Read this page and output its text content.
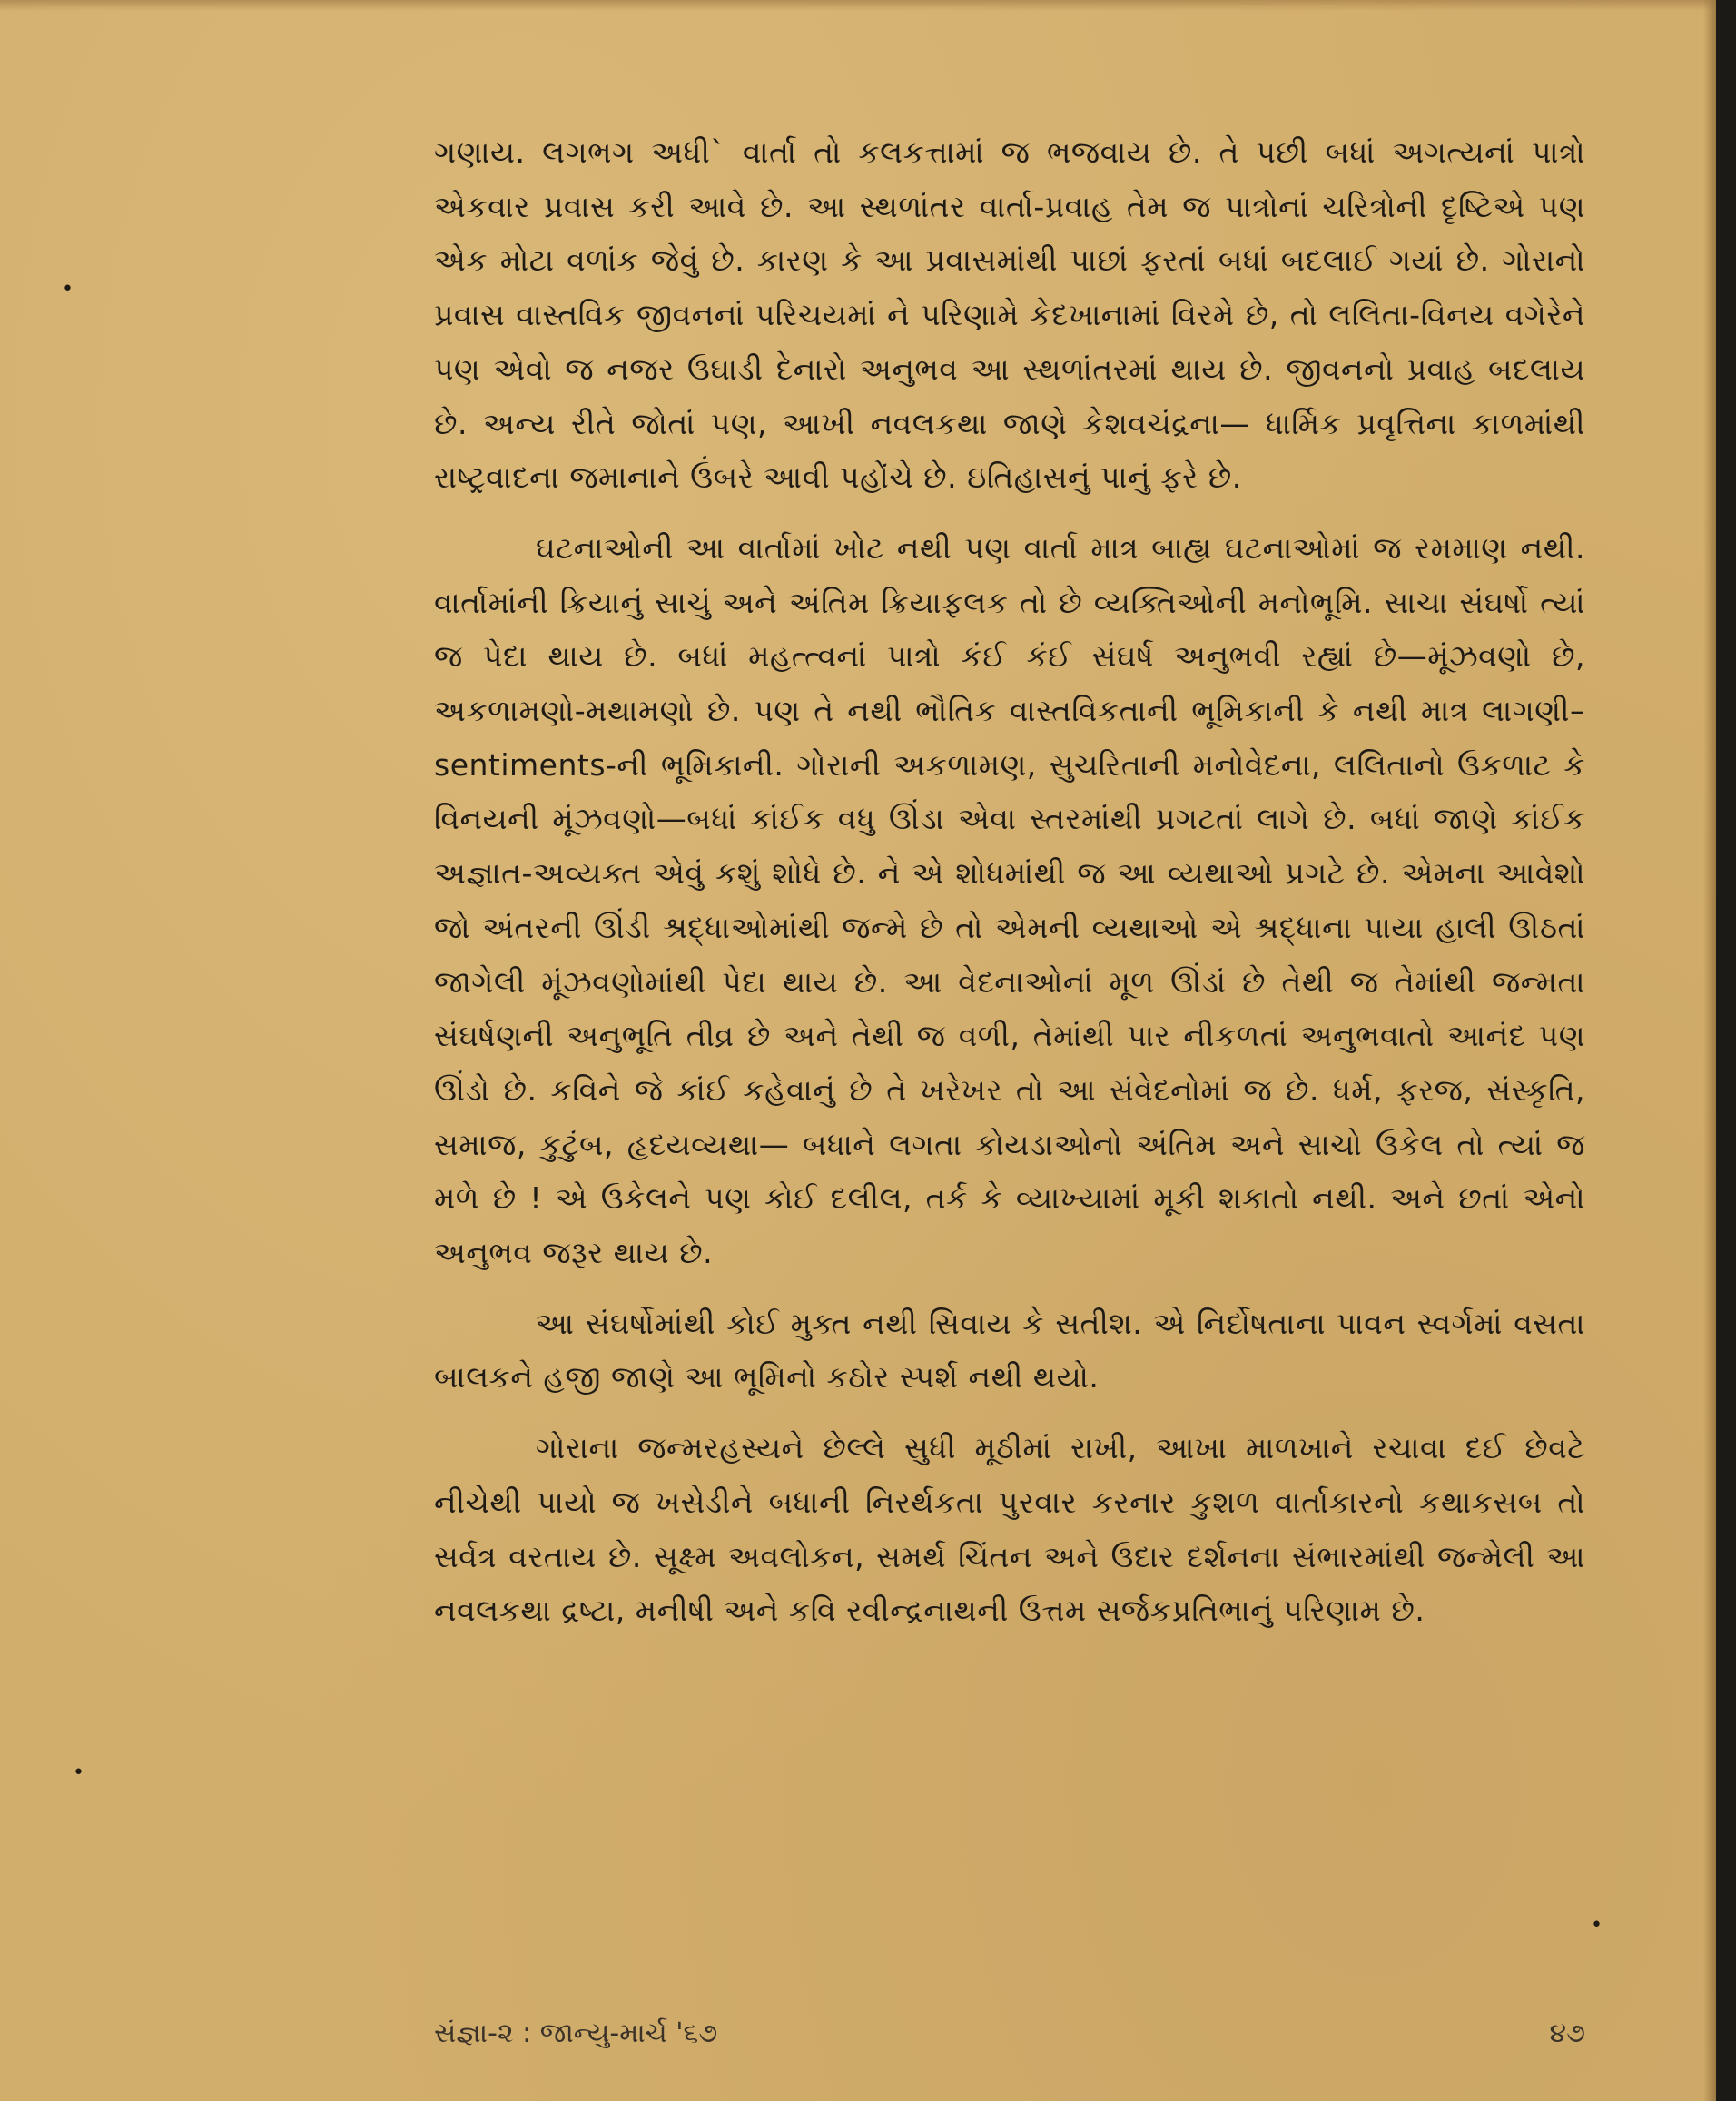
•
•
•

ગણાય. લગભગ અધી` વાર્તા તો કલકત્તામાં જ ભજવાય છે. તે પછી બધાં અગત્યનાં પાત્રો એકવાર પ્રવાસ કરી આવે છે. આ સ્થળાંતર વાર્તા-પ્રવાહ તેમ જ પાત્રોનાં ચરિત્રોની દૃષ્ટિએ પણ એક મોટા વળાંક જેવું છે. કારણ કે આ પ્રવાસમાંથી પાછાં ફરતાં બધાં બદલાઈ ગયાં છે. ગોરાનો પ્રવાસ વાસ્તવિક જીવનનાં પરિચયમાં ને પરિણામે કેદખાનામાં વિરમે છે, તો લલિતા-વિનય વગેરેને પણ એવો જ નજર ઉઘાડી દેનારો અનુભવ આ સ્થળાંતરમાં થાય છે. જીવનનો પ્રવાહ બદલાય છે. અન્ય રીતે જોતાં પણ, આખી નવલકથા જાણે કેશવચંદ્રના— ધાર્મિક પ્રવૃત્તિના કાળમાંથી રાષ્ટ્રવાદના જમાનાને ઉંબરે આવી પહોંચે છે. ઇતિહાસનું પાનું ફરે છે.

ઘટનાઓની આ વાર્તામાં ખોટ નથી પણ વાર્તા માત્ર બાહ્ય ઘટનાઓમાં જ રમમાણ નથી. વાર્તામાંની ક્રિયાનું સાચું અને અંતિમ ક્રિયાફલક તો છે વ્યક્તિઓની મનોભૂમિ. સાચા સંઘર્ષો ત્યાં જ પેદા થાય છે. બધાં મહત્ત્વનાં પાત્રો કંઈ કંઈ સંઘર્ષ અનુભવી રહ્યાં છે—મૂંઝવણો છે, અકળામણો-મથામણો છે. પણ તે નથી ભૌતિક વાસ્તવિકતાની ભૂમિકાની કે નથી માત્ર લાગણી–sentiments-ની ભૂમિકાની. ગોરાની અકળામણ, સુચરિતાની મનોવેદના, લલિતાનો ઉકળાટ કે વિનયની મૂંઝવણો—બધાં કાંઈક વધુ ઊંડા એવા સ્તરમાંથી પ્રગટતાં લાગે છે. બધાં જાણે કાંઈક અજ્ઞાત-અવ્યક્ત એવું કશું શોધે છે. ને એ શોધમાંથી જ આ વ્યથાઓ પ્રગટે છે. એમના આવેશો જો અંતરની ઊંડી શ્રદ્ધાઓમાંથી જન્મે છે તો એમની વ્યથાઓ એ શ્રદ્ધાના પાયા હાલી ઊઠતાં જાગેલી મૂંઝવણોમાંથી પેદા થાય છે. આ વેદનાઓનાં મૂળ ઊંડાં છે તેથી જ તેમાંથી જન્મતા સંઘર્ષણની અનુભૂતિ તીવ્ર છે અને તેથી જ વળી, તેમાંથી પાર નીકળતાં અનુભવાતો આનંદ પણ ઊંડો છે. કવિને જે કાંઈ કહેવાનું છે તે ખરેખર તો આ સંવેદનોમાં જ છે. ધર્મ, ફરજ, સંસ્કૃતિ, સમાજ, કુટુંબ, હૃદયવ્યથા— બધાને લગતા કોયડાઓનો અંતિમ અને સાચો ઉકેલ તો ત્યાં જ મળે છે ! એ ઉકેલને પણ કોઈ દલીલ, તર્ક કે વ્યાખ્યામાં મૂકી શકાતો નથી. અને છતાં એનો અનુભવ જરૂર થાય છે.

આ સંઘર્ષોમાંથી કોઈ મુક્ત નથી સિવાય કે સતીશ. એ નિર્દોષતાના પાવન સ્વર્ગમાં વસતા બાલકને હજી જાણે આ ભૂમિનો કઠોર સ્પર્શ નથી થયો.

ગોરાના જન્મરહસ્યને છેલ્લે સુધી મૂઠીમાં રાખી, આખા માળખાને રચાવા દઈ છેવટે નીચેથી પાયો જ ખસેડીને બધાની નિરર્થકતા પુરવાર કરનાર કુશળ વાર્તાકારનો કથાકસબ તો સર્વત્ર વરતાય છે. સૂક્ષ્મ અવલોકન, સમર્થ ચિંતન અને ઉદાર દર્શનના સંભારમાંથી જન્મેલી આ નવલકથા દ્રષ્ટા, મનીષી અને કવિ રવીન્દ્રનાથની ઉત્તમ સર્જકપ્રતિભાનું પરિણામ છે.

સંજ્ઞા-૨ : જાન્યુ-માર્ચ '૬૭	૪૭
